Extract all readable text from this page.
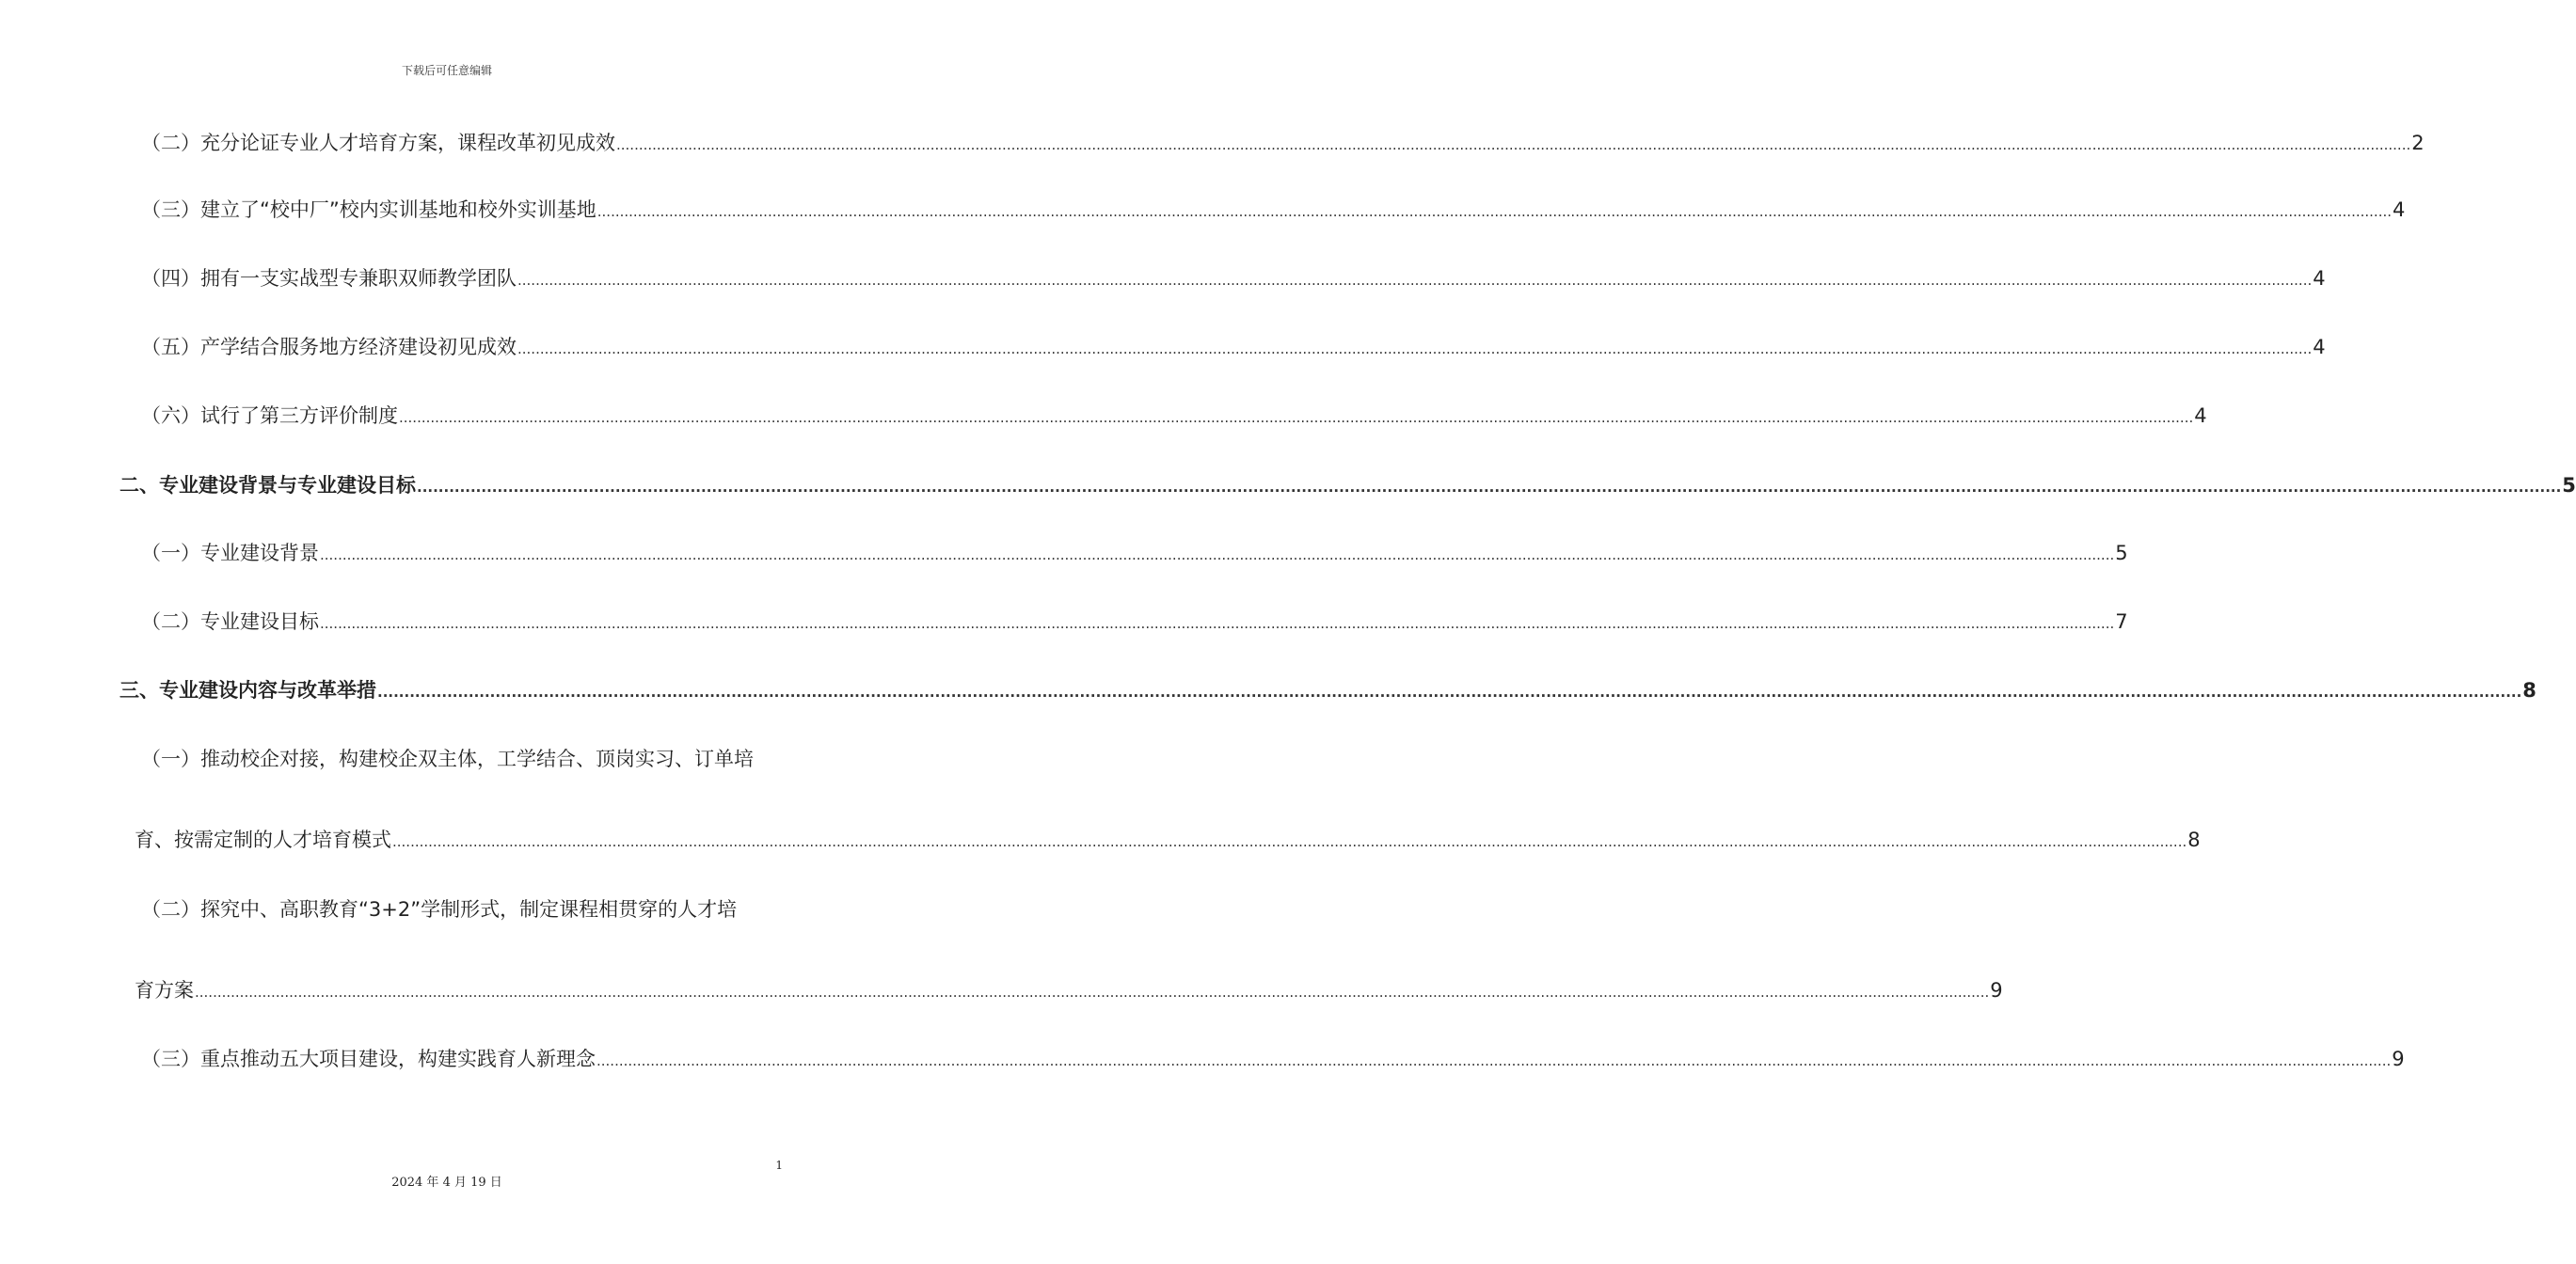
下载后可任意编辑
（二）充分论证专业人才培育方案，课程改革初见成效 ................................................................................................................................................................................................................................................................................................................................................................................................................ 2
（三）建立了“校中厂”校内实训基地和校外实训基地 ................................................................................................................................................................................................................................................................................................................................................................................................................ 4
（四）拥有一支实战型专兼职双师教学团队 ................................................................................................................................................................................................................................................................................................................................................................................................................ 4
（五）产学结合服务地方经济建设初见成效 ................................................................................................................................................................................................................................................................................................................................................................................................................ 4
（六）试行了第三方评价制度 ................................................................................................................................................................................................................................................................................................................................................................................................................ 4
二、专业建设背景与专业建设目标 ................................................................................................................................................................................................................................................................................................................................................................................................................ 5
（一）专业建设背景 ................................................................................................................................................................................................................................................................................................................................................................................................................ 5
（二）专业建设目标 ................................................................................................................................................................................................................................................................................................................................................................................................................ 7
三、专业建设内容与改革举措 ................................................................................................................................................................................................................................................................................................................................................................................................................ 8
（一）推动校企对接，构建校企双主体，工学结合、顶岗实习、订单培
育、按需定制的人才培育模式 ................................................................................................................................................................................................................................................................................................................................................................................................................ 8
（二）探究中、高职教育“3+2”学制形式，制定课程相贯穿的人才培
育方案 ................................................................................................................................................................................................................................................................................................................................................................................................................ 9
（三）重点推动五大项目建设，构建实践育人新理念 ................................................................................................................................................................................................................................................................................................................................................................................................................ 9
1
2024 年 4 月 19 日
